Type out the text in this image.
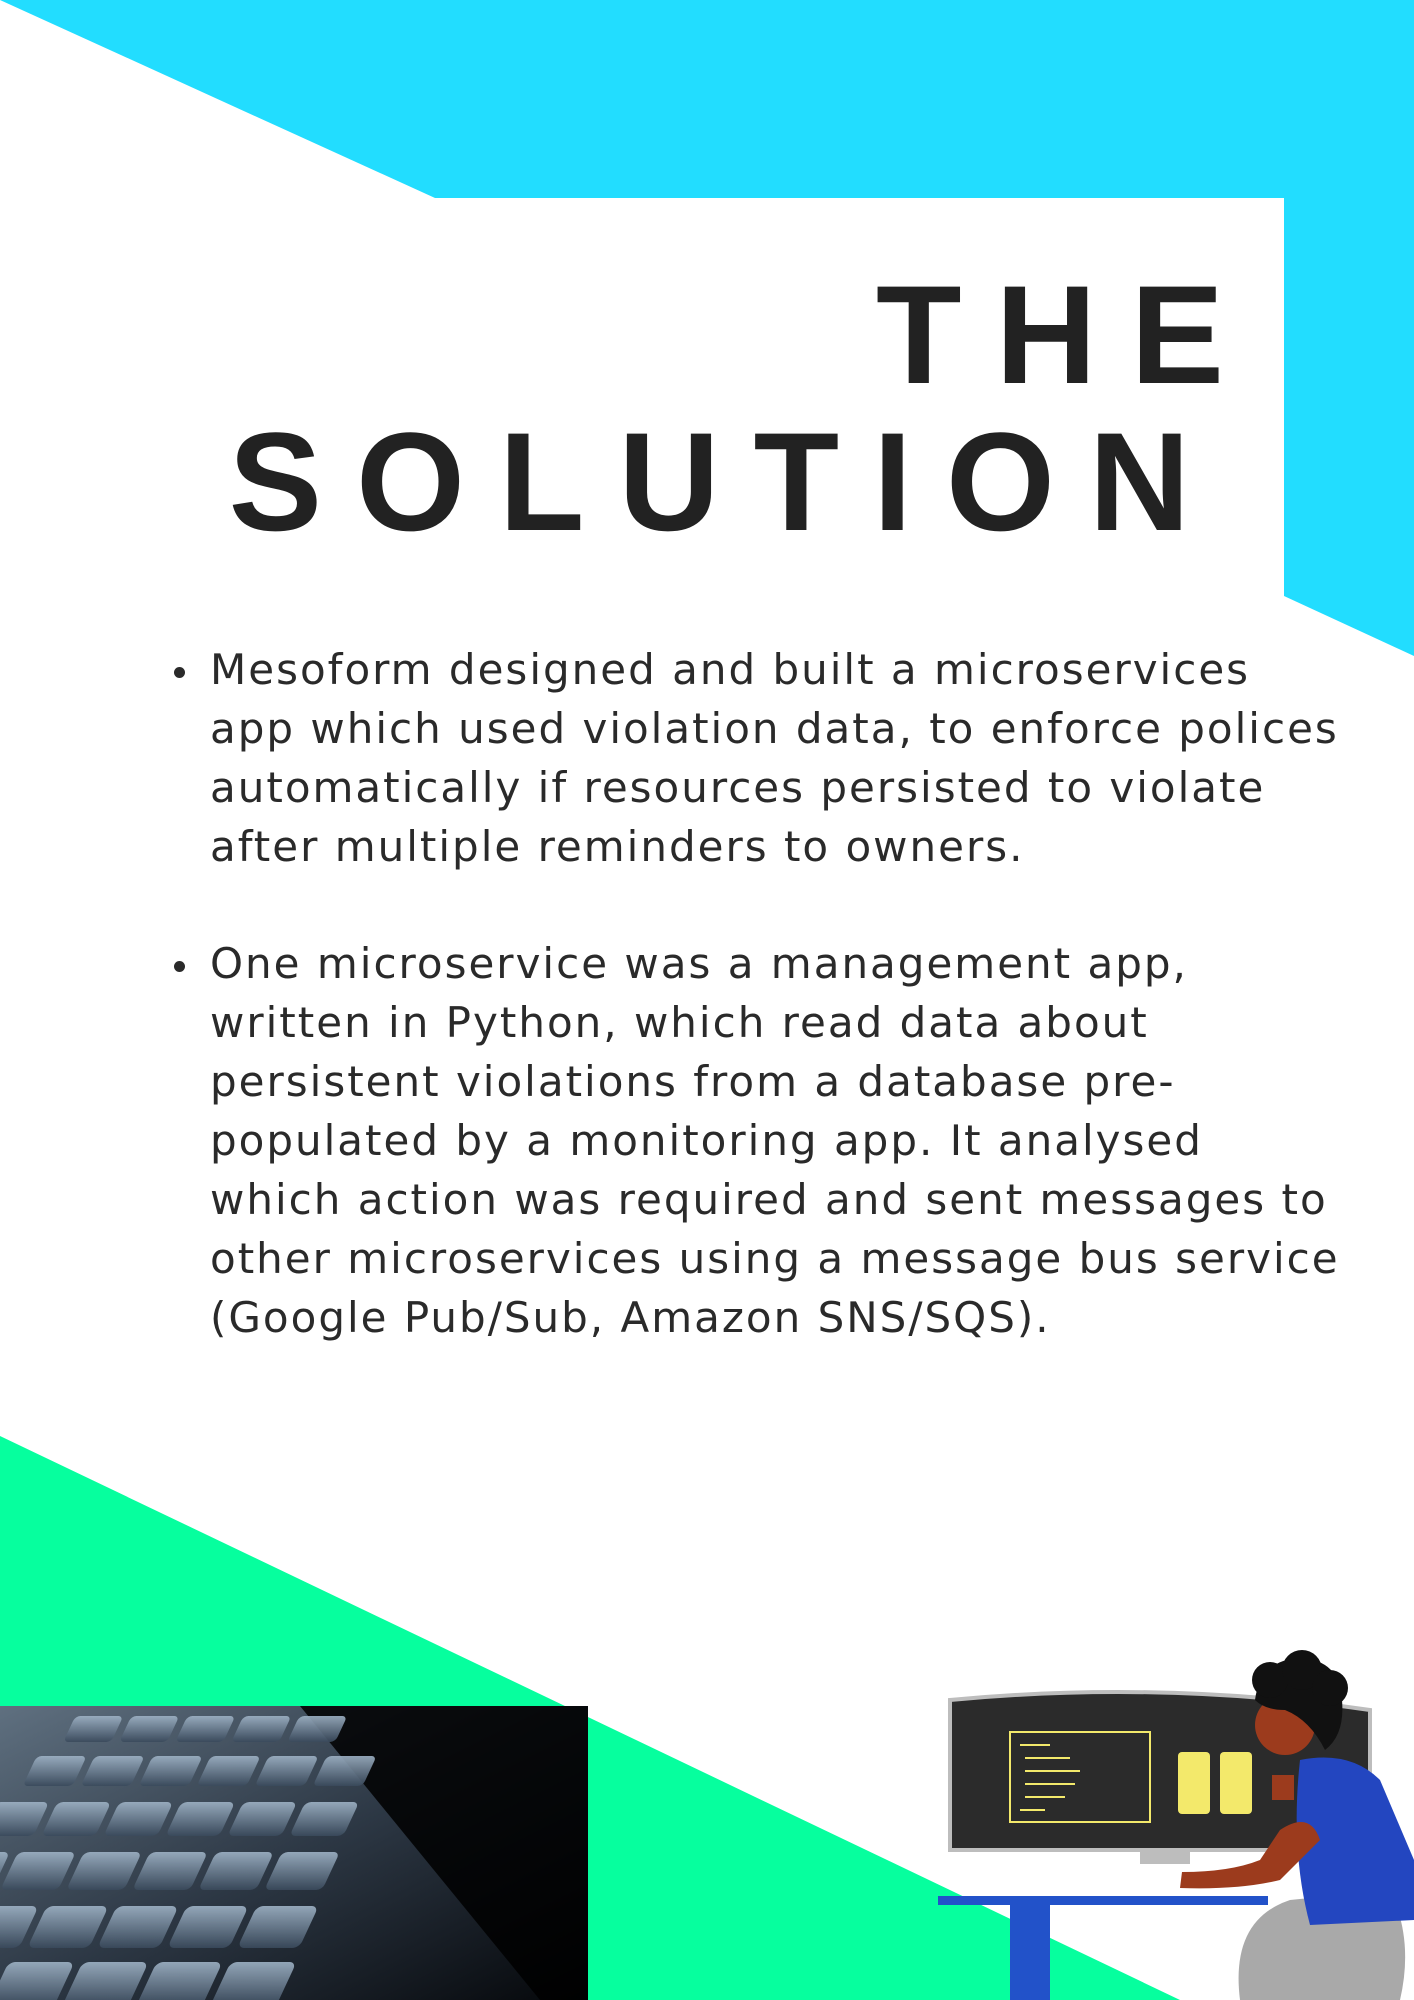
THE
SOLUTION
Mesoform designed and built a microservices app which used violation data, to enforce polices automatically if resources persisted to violate after multiple reminders to owners.
One microservice was a management app, written in Python, which read data about persistent violations from a database pre-populated by a monitoring app. It analysed which action was required and sent messages to other microservices using a message bus service (Google Pub/Sub, Amazon SNS/SQS).
